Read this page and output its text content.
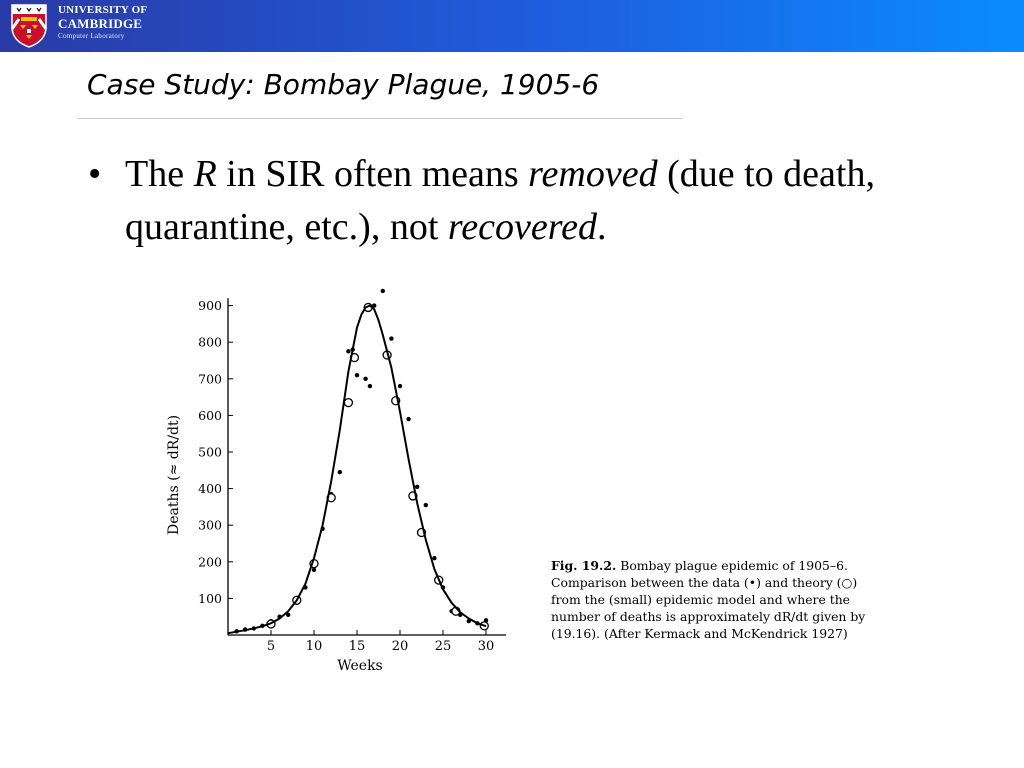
UNIVERSITY OF
CAMBRIDGE
Computer Laboratory
Case Study: Bombay Plague, 1905-6
• The R in SIR often means removed (due to death, quarantine, etc.), not recovered.
5 10 15 20 25 30
100
200
300
400
500
600
700
800
900
Weeks
Deaths (≈ dR/dt)
Fig. 19.2. Bombay plague epidemic of 1905–6. Comparison between the data (•) and theory (○) from the (small) epidemic model and where the number of deaths is approximately dR/dt given by (19.16). (After Kermack and McKendrick 1927)
